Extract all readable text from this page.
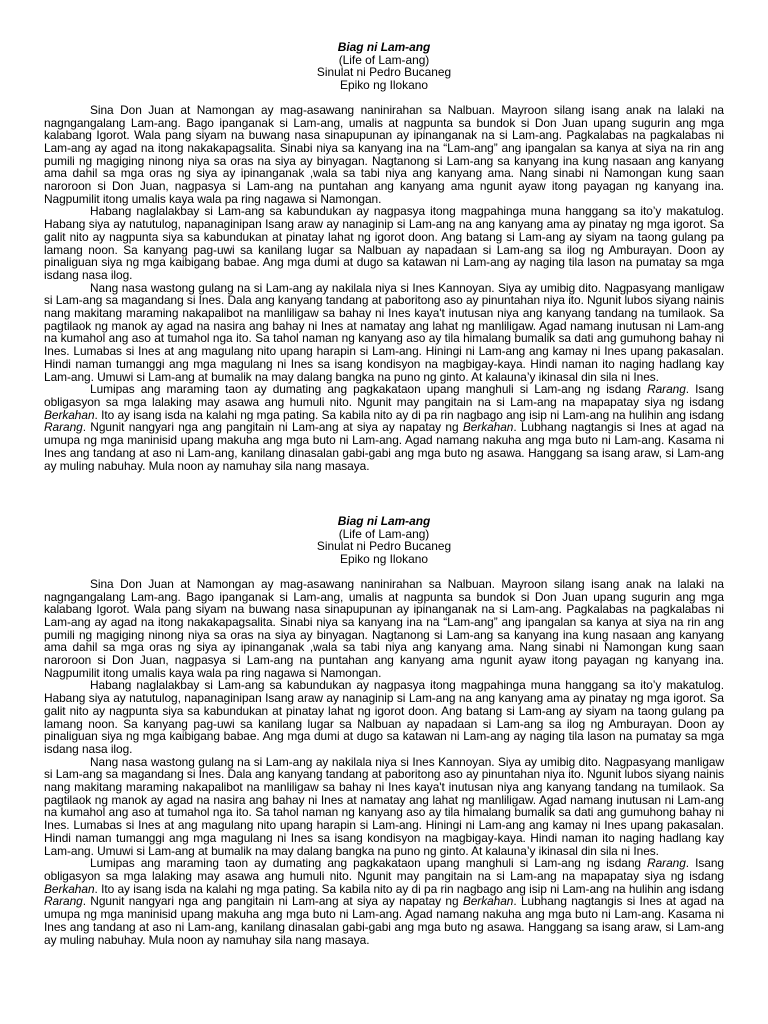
Biag ni Lam-ang
(Life of Lam-ang)
Sinulat ni Pedro Bucaneg
Epiko ng Ilokano

Sina Don Juan at Namongan ay mag-asawang naninirahan sa Nalbuan. Mayroon silang isang anak na lalaki na nagngangalang Lam-ang. Bago ipanganak si Lam-ang, umalis at nagpunta sa bundok si Don Juan upang sugurin ang mga kalabang Igorot. Wala pang siyam na buwang nasa sinapupunan ay ipinanganak na si Lam-ang. Pagkalabas na pagkalabas ni Lam-ang ay agad na itong nakakapagsalita. Sinabi niya sa kanyang ina na “Lam-ang” ang ipangalan sa kanya at siya na rin ang pumili ng magiging ninong niya sa oras na siya ay binyagan. Nagtanong si Lam-ang sa kanyang ina kung nasaan ang kanyang ama dahil sa mga oras ng siya ay ipinanganak ,wala sa tabi niya ang kanyang ama. Nang sinabi ni Namongan kung saan naroroon si Don Juan, nagpasya si Lam-ang na puntahan ang kanyang ama ngunit ayaw itong payagan ng kanyang ina. Nagpumilit itong umalis kaya wala pa ring nagawa si Namongan.

Habang naglalakbay si Lam-ang sa kabundukan ay nagpasya itong magpahinga muna hanggang sa ito’y makatulog. Habang siya ay natutulog, napanaginipan Isang araw ay nanaginip si Lam-ang na ang kanyang ama ay pinatay ng mga igorot. Sa galit nito ay nagpunta siya sa kabundukan at pinatay lahat ng igorot doon. Ang batang si Lam-ang ay siyam na taong gulang pa lamang noon. Sa kanyang pag-uwi sa kanilang lugar sa Nalbuan ay napadaan si Lam-ang sa ilog ng Amburayan. Doon ay pinaliguan siya ng mga kaibigang babae. Ang mga dumi at dugo sa katawan ni Lam-ang ay naging tila lason na pumatay sa mga isdang nasa ilog.

Nang nasa wastong gulang na si Lam-ang ay nakilala niya si Ines Kannoyan. Siya ay umibig dito. Nagpasyang manligaw si Lam-ang sa magandang si Ines. Dala ang kanyang tandang at paboritong aso ay pinuntahan niya ito. Ngunit lubos siyang nainis nang makitang maraming nakapalibot na manliligaw sa bahay ni Ines kaya't inutusan niya ang kanyang tandang na tumilaok. Sa pagtilaok ng manok ay agad na nasira ang bahay ni Ines at namatay ang lahat ng manliligaw. Agad namang inutusan ni Lam-ang na kumahol ang aso at tumahol nga ito. Sa tahol naman ng kanyang aso ay tila himalang bumalik sa dati ang gumuhong bahay ni Ines. Lumabas si Ines at ang magulang nito upang harapin si Lam-ang. Hiningi ni Lam-ang ang kamay ni Ines upang pakasalan. Hindi naman tumanggi ang mga magulang ni Ines sa isang kondisyon na magbigay-kaya. Hindi naman ito naging hadlang kay Lam-ang. Umuwi si Lam-ang at bumalik na may dalang bangka na puno ng ginto. At kalauna’y ikinasal din sila ni Ines.

Lumipas ang maraming taon ay dumating ang pagkakataon upang manghuli si Lam-ang ng isdang Rarang. Isang obligasyon sa mga lalaking may asawa ang humuli nito. Ngunit may pangitain na si Lam-ang na mapapatay siya ng isdang Berkahan. Ito ay isang isda na kalahi ng mga pating. Sa kabila nito ay di pa rin nagbago ang isip ni Lam-ang na hulihin ang isdang Rarang. Ngunit nangyari nga ang pangitain ni Lam-ang at siya ay napatay ng Berkahan. Lubhang nagtangis si Ines at agad na umupa ng mga maninisid upang makuha ang mga buto ni Lam-ang. Agad namang nakuha ang mga buto ni Lam-ang. Kasama ni Ines ang tandang at aso ni Lam-ang, kanilang dinasalan gabi-gabi ang mga buto ng asawa. Hanggang sa isang araw, si Lam-ang ay muling nabuhay. Mula noon ay namuhay sila nang masaya.

Biag ni Lam-ang
(Life of Lam-ang)
Sinulat ni Pedro Bucaneg
Epiko ng Ilokano

Sina Don Juan at Namongan ay mag-asawang naninirahan sa Nalbuan. Mayroon silang isang anak na lalaki na nagngangalang Lam-ang. Bago ipanganak si Lam-ang, umalis at nagpunta sa bundok si Don Juan upang sugurin ang mga kalabang Igorot. Wala pang siyam na buwang nasa sinapupunan ay ipinanganak na si Lam-ang. Pagkalabas na pagkalabas ni Lam-ang ay agad na itong nakakapagsalita. Sinabi niya sa kanyang ina na “Lam-ang” ang ipangalan sa kanya at siya na rin ang pumili ng magiging ninong niya sa oras na siya ay binyagan. Nagtanong si Lam-ang sa kanyang ina kung nasaan ang kanyang ama dahil sa mga oras ng siya ay ipinanganak ,wala sa tabi niya ang kanyang ama. Nang sinabi ni Namongan kung saan naroroon si Don Juan, nagpasya si Lam-ang na puntahan ang kanyang ama ngunit ayaw itong payagan ng kanyang ina. Nagpumilit itong umalis kaya wala pa ring nagawa si Namongan.

Habang naglalakbay si Lam-ang sa kabundukan ay nagpasya itong magpahinga muna hanggang sa ito’y makatulog. Habang siya ay natutulog, napanaginipan Isang araw ay nanaginip si Lam-ang na ang kanyang ama ay pinatay ng mga igorot. Sa galit nito ay nagpunta siya sa kabundukan at pinatay lahat ng igorot doon. Ang batang si Lam-ang ay siyam na taong gulang pa lamang noon. Sa kanyang pag-uwi sa kanilang lugar sa Nalbuan ay napadaan si Lam-ang sa ilog ng Amburayan. Doon ay pinaliguan siya ng mga kaibigang babae. Ang mga dumi at dugo sa katawan ni Lam-ang ay naging tila lason na pumatay sa mga isdang nasa ilog.

Nang nasa wastong gulang na si Lam-ang ay nakilala niya si Ines Kannoyan. Siya ay umibig dito. Nagpasyang manligaw si Lam-ang sa magandang si Ines. Dala ang kanyang tandang at paboritong aso ay pinuntahan niya ito. Ngunit lubos siyang nainis nang makitang maraming nakapalibot na manliligaw sa bahay ni Ines kaya't inutusan niya ang kanyang tandang na tumilaok. Sa pagtilaok ng manok ay agad na nasira ang bahay ni Ines at namatay ang lahat ng manliligaw. Agad namang inutusan ni Lam-ang na kumahol ang aso at tumahol nga ito. Sa tahol naman ng kanyang aso ay tila himalang bumalik sa dati ang gumuhong bahay ni Ines. Lumabas si Ines at ang magulang nito upang harapin si Lam-ang. Hiningi ni Lam-ang ang kamay ni Ines upang pakasalan. Hindi naman tumanggi ang mga magulang ni Ines sa isang kondisyon na magbigay-kaya. Hindi naman ito naging hadlang kay Lam-ang. Umuwi si Lam-ang at bumalik na may dalang bangka na puno ng ginto. At kalauna’y ikinasal din sila ni Ines.

Lumipas ang maraming taon ay dumating ang pagkakataon upang manghuli si Lam-ang ng isdang Rarang. Isang obligasyon sa mga lalaking may asawa ang humuli nito. Ngunit may pangitain na si Lam-ang na mapapatay siya ng isdang Berkahan. Ito ay isang isda na kalahi ng mga pating. Sa kabila nito ay di pa rin nagbago ang isip ni Lam-ang na hulihin ang isdang Rarang. Ngunit nangyari nga ang pangitain ni Lam-ang at siya ay napatay ng Berkahan. Lubhang nagtangis si Ines at agad na umupa ng mga maninisid upang makuha ang mga buto ni Lam-ang. Agad namang nakuha ang mga buto ni Lam-ang. Kasama ni Ines ang tandang at aso ni Lam-ang, kanilang dinasalan gabi-gabi ang mga buto ng asawa. Hanggang sa isang araw, si Lam-ang ay muling nabuhay. Mula noon ay namuhay sila nang masaya.
